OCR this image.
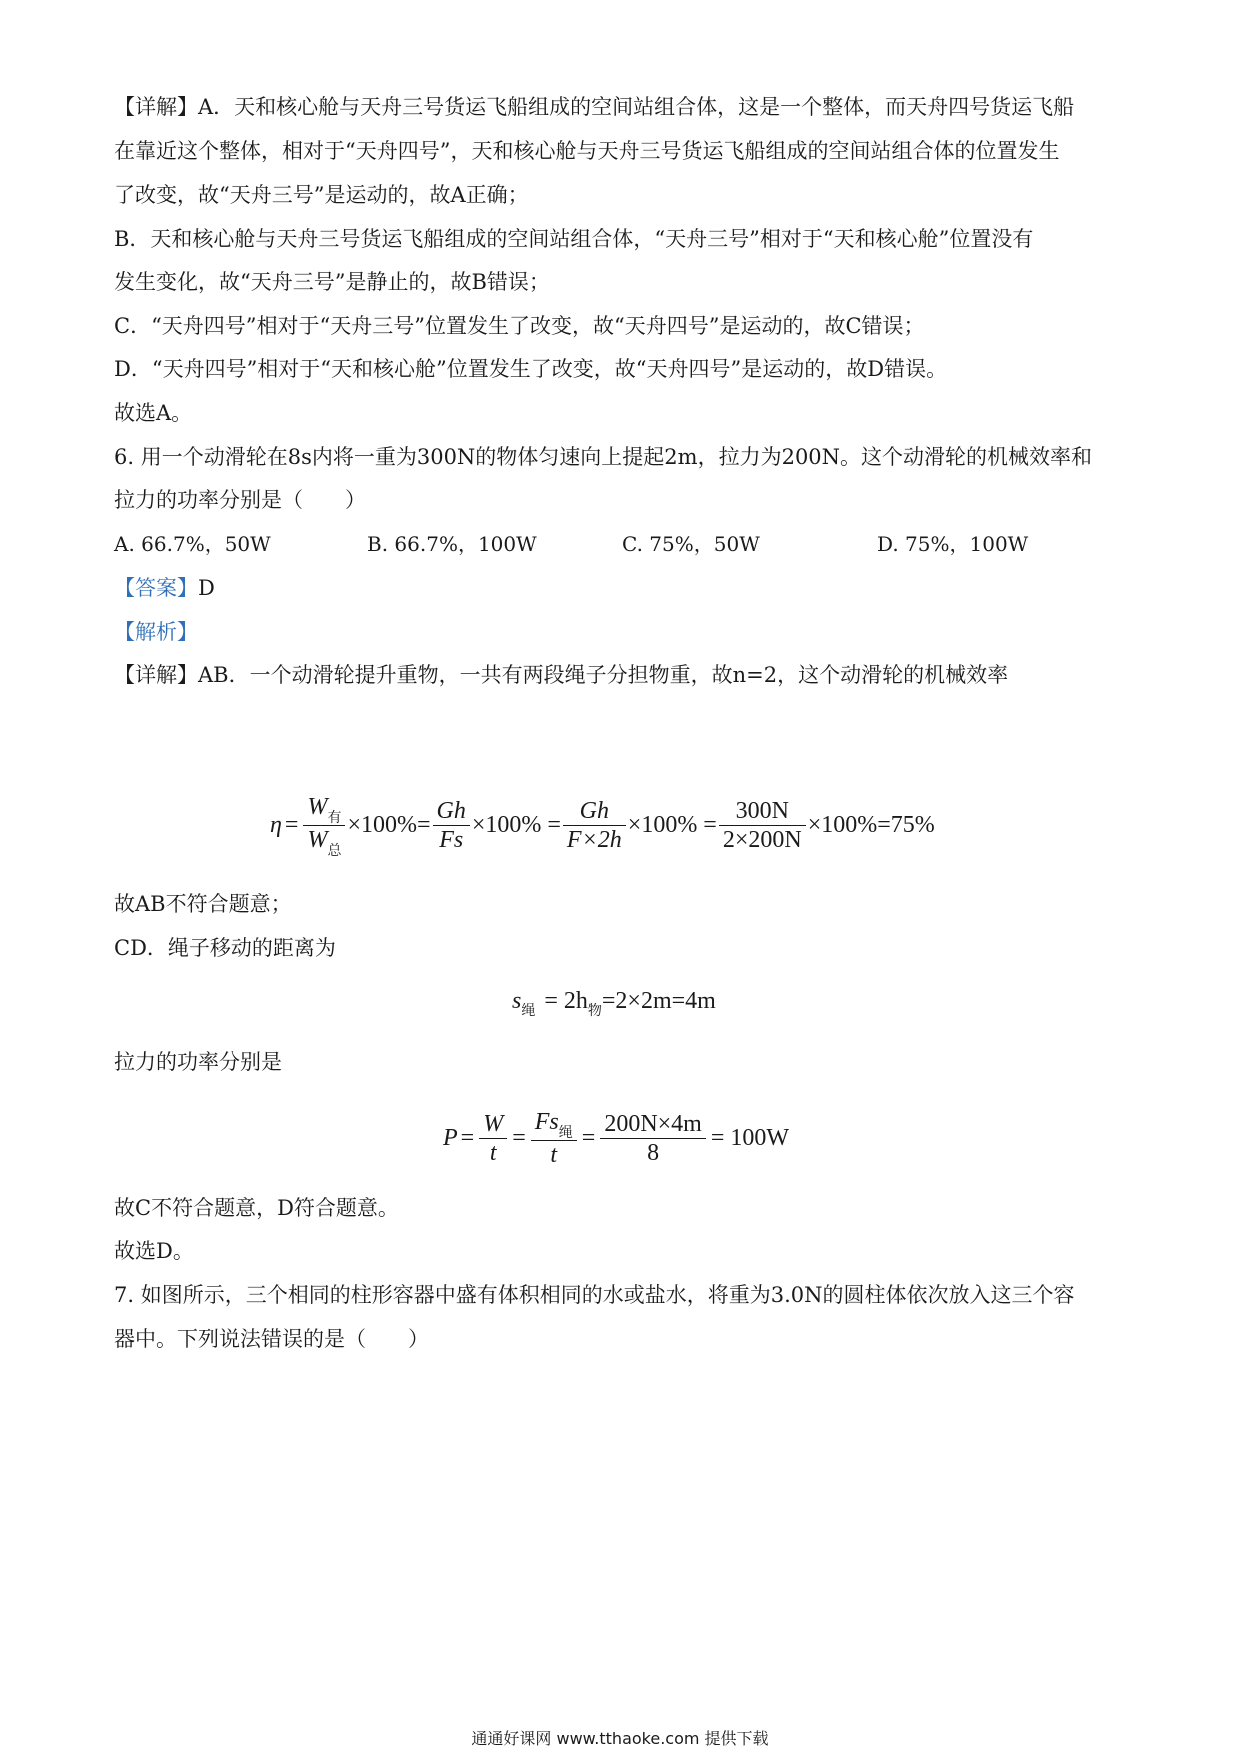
【详解】A．天和核心舱与天舟三号货运飞船组成的空间站组合体，这是一个整体，而天舟四号货运飞船
在靠近这个整体，相对于“天舟四号”，天和核心舱与天舟三号货运飞船组成的空间站组合体的位置发生
了改变，故“天舟三号”是运动的，故A正确；
B．天和核心舱与天舟三号货运飞船组成的空间站组合体，“天舟三号”相对于“天和核心舱”位置没有
发生变化，故“天舟三号”是静止的，故B错误；
C．“天舟四号”相对于“天舟三号”位置发生了改变，故“天舟四号”是运动的，故C错误；
D．“天舟四号”相对于“天和核心舱”位置发生了改变，故“天舟四号”是运动的，故D错误。
故选A。
6. 用一个动滑轮在8s内将一重为300N的物体匀速向上提起2m，拉力为200N。这个动滑轮的机械效率和
拉力的功率分别是（　　）
A. 66.7%，50W	B. 66.7%，100W	C. 75%，50W	D. 75%，100W
【答案】D
【解析】
【详解】AB．一个动滑轮提升重物，一共有两段绳子分担物重，故n=2，这个动滑轮的机械效率
$\eta = \frac{W_有}{W_总} \times 100\%= \frac{Gh}{Fs} \times 100\% = \frac{Gh}{F\times 2h} \times 100\% = \frac{300N}{2\times 200N} \times 100\%=75\%$
故AB不符合题意；
CD．绳子移动的距离为
s 绳 = 2h 物 =2×2m=4m
拉力的功率分别是
$P = \frac{W}{t} = \frac{Fs_绳}{t} = \frac{200N\times 4m}{8} = 100W$
故C不符合题意，D符合题意。
故选D。
7. 如图所示，三个相同的柱形容器中盛有体积相同的水或盐水，将重为3.0N的圆柱体依次放入这三个容
器中。下列说法错误的是（　　）
通通好课网 www.tthaoke.com 提供下载
